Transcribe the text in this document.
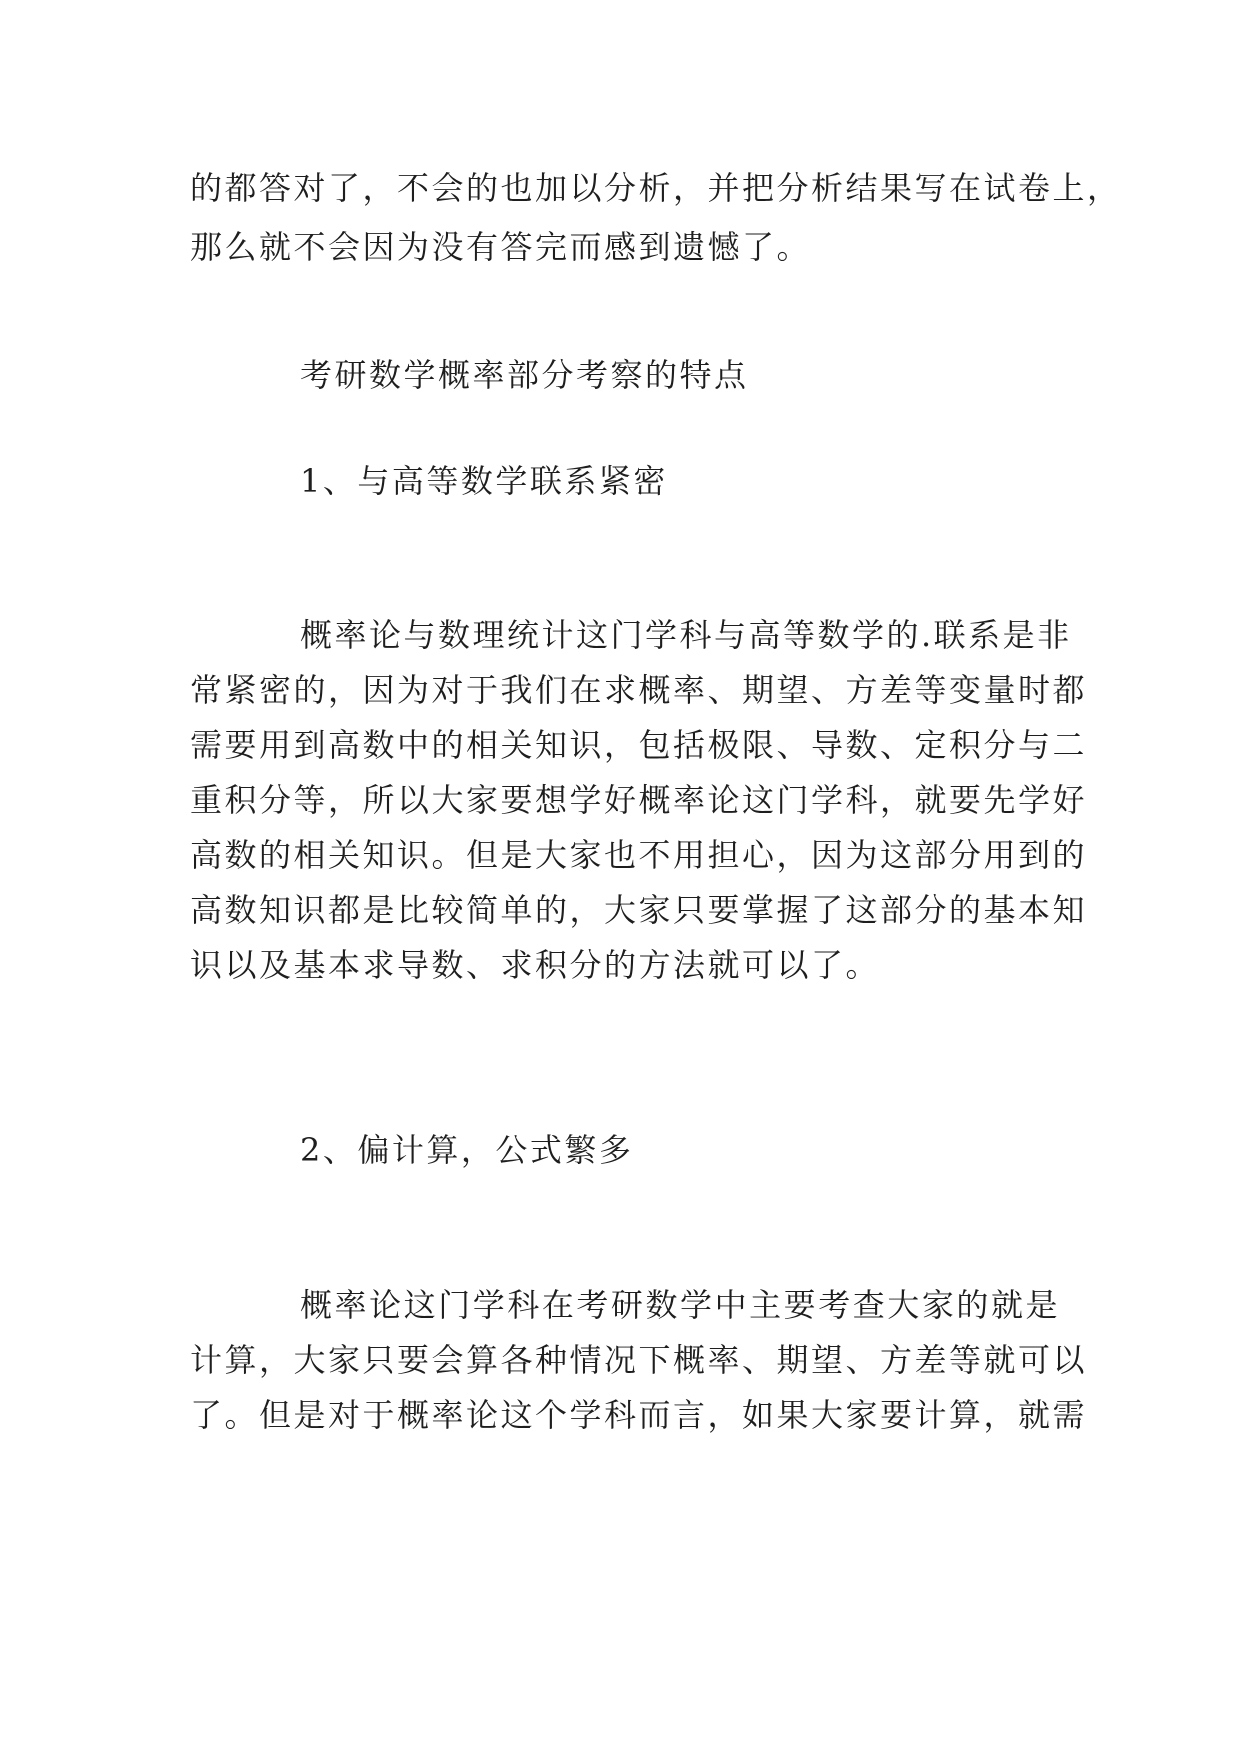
的都答对了，不会的也加以分析，并把分析结果写在试卷上，
那么就不会因为没有答完而感到遗憾了。
考研数学概率部分考察的特点
1、与高等数学联系紧密
概率论与数理统计这门学科与高等数学的.联系是非
常紧密的，因为对于我们在求概率、期望、方差等变量时都
需要用到高数中的相关知识，包括极限、导数、定积分与二
重积分等，所以大家要想学好概率论这门学科，就要先学好
高数的相关知识。但是大家也不用担心，因为这部分用到的
高数知识都是比较简单的，大家只要掌握了这部分的基本知
识以及基本求导数、求积分的方法就可以了。
2、偏计算，公式繁多
概率论这门学科在考研数学中主要考查大家的就是
计算，大家只要会算各种情况下概率、期望、方差等就可以
了。但是对于概率论这个学科而言，如果大家要计算，就需
